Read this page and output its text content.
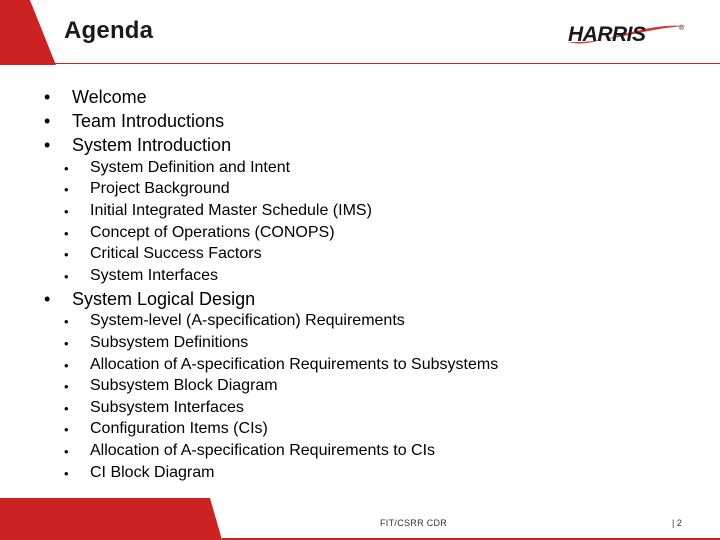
Agenda	HARRIS	®
• Welcome
• Team Introductions
• System Introduction
• System Definition and Intent
• Project Background
• Initial Integrated Master Schedule (IMS)
• Concept of Operations (CONOPS)
• Critical Success Factors
• System Interfaces
• System Logical Design
• System-level (A-specification) Requirements
• Subsystem Definitions
• Allocation of A-specification Requirements to Subsystems
• Subsystem Block Diagram
• Subsystem Interfaces
• Configuration Items (CIs)
• Allocation of A-specification Requirements to CIs
• CI Block Diagram
FIT/CSRR CDR	| 2
